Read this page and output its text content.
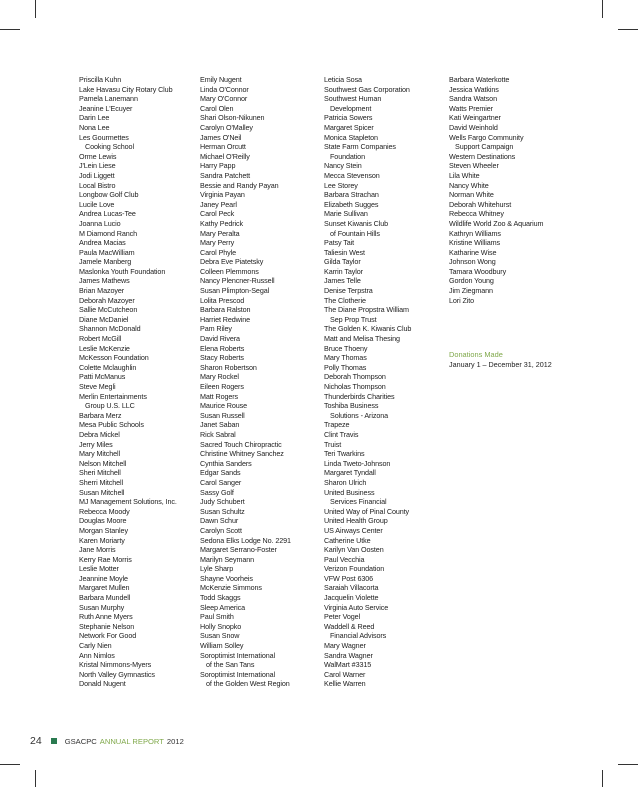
Priscilla Kuhn
Lake Havasu City Rotary Club
Pamela Lanemann
Jeanine L'Ecuyer
Darin Lee
Nona Lee
Les Gourmettes
Cooking School
Orme Lewis
J'Lein Liese
Jodi Liggett
Local Bistro
Longbow Golf Club
Lucile Love
Andrea Lucas-Tee
Joanna Lucio
M Diamond Ranch
Andrea Macias
Paula MacWilliam
Jamele Manberg
Maslonka Youth Foundation
James Mathews
Brian Mazoyer
Deborah Mazoyer
Sallie McCutcheon
Diane McDaniel
Shannon McDonald
Robert McGill
Leslie McKenzie
McKesson Foundation
Colette Mclaughlin
Patti McManus
Steve Megli
Merlin Entertainments
Group U.S. LLC
Barbara Merz
Mesa Public Schools
Debra Mickel
Jerry Miles
Mary Mitchell
Nelson Mitchell
Sheri Mitchell
Sherri Mitchell
Susan Mitchell
MJ Management Solutions, Inc.
Rebecca Moody
Douglas Moore
Morgan Stanley
Karen Moriarty
Jane Morris
Kerry Rae Morris
Leslie Motter
Jeannine Moyle
Margaret Mullen
Barbara Mundell
Susan Murphy
Ruth Anne Myers
Stephanie Nelson
Network For Good
Carly Nien
Ann Nimlos
Kristal Nimmons-Myers
North Valley Gymnastics
Donald Nugent
Emily Nugent
Linda O'Connor
Mary O'Connor
Carol Olen
Shari Olson-Nikunen
Carolyn O'Malley
James O'Neil
Herman Orcutt
Michael O'Reilly
Harry Papp
Sandra Patchett
Bessie and Randy Payan
Virginia Payan
Janey Pearl
Carol Peck
Kathy Pedrick
Mary Peralta
Mary Perry
Carol Phyle
Debra Eve Piatetsky
Colleen Plemmons
Nancy Plencner-Russell
Susan Plimpton-Segal
Lolita Prescod
Barbara Ralston
Harriet Redwine
Pam Riley
David Rivera
Elena Roberts
Stacy Roberts
Sharon Robertson
Mary Rockel
Eileen Rogers
Matt Rogers
Maurice Rouse
Susan Russell
Janet Saban
Rick Sabral
Sacred Touch Chiropractic
Christine Whitney Sanchez
Cynthia Sanders
Edgar Sands
Carol Sanger
Sassy Golf
Judy Schubert
Susan Schultz
Dawn Schur
Carolyn Scott
Sedona Elks Lodge No. 2291
Margaret Serrano-Foster
Marilyn Seymann
Lyle Sharp
Shayne Voorheis
McKenzie Simmons
Todd Skaggs
Sleep America
Paul Smith
Holly Snopko
Susan Snow
William Solley
Soroptimist International
of the San Tans
Soroptimist International
of the Golden West Region
Leticia Sosa
Southwest Gas Corporation
Southwest Human
Development
Patricia Sowers
Margaret Spicer
Monica Stapleton
State Farm Companies
Foundation
Nancy Stein
Mecca Stevenson
Lee Storey
Barbara Strachan
Elizabeth Sugges
Marie Sullivan
Sunset Kiwanis Club
of Fountain Hills
Patsy Tait
Taliesin West
Gilda Taylor
Karrin Taylor
James Telle
Denise Terpstra
The Clotherie
The Diane Propstra William
Sep Prop Trust
The Golden K. Kiwanis Club
Matt and Melisa Thesing
Bruce Thoeny
Mary Thomas
Polly Thomas
Deborah Thompson
Nicholas Thompson
Thunderbirds Charities
Toshiba Business
Solutions - Arizona
Trapeze
Clint Travis
Truist
Teri Twarkins
Linda Tweto-Johnson
Margaret Tyndall
Sharon Ulrich
United Business
Services Financial
United Way of Pinal County
United Health Group
US Airways Center
Catherine Utke
Karilyn Van Oosten
Paul Vecchia
Verizon Foundation
VFW Post 6306
Saraiah Villacorta
Jacquelin Violette
Virginia Auto Service
Peter Vogel
Waddell & Reed
Financial Advisors
Mary Wagner
Sandra Wagner
WalMart #3315
Carol Warner
Kellie Warren
Barbara Waterkotte
Jessica Watkins
Sandra Watson
Watts Premier
Kati Weingartner
David Weinhold
Wells Fargo Community
Support Campaign
Western Destinations
Steven Wheeler
Lila White
Nancy White
Norman White
Deborah Whitehurst
Rebecca Whitney
Wildlife World Zoo & Aquarium
Kathryn Williams
Kristine Williams
Katharine Wise
Johnson Wong
Tamara Woodbury
Gordon Young
Jim Ziegmann
Lori Zito
Donations Made
January 1 – December 31, 2012
24	GSACPC ANNUAL REPORT 2012
